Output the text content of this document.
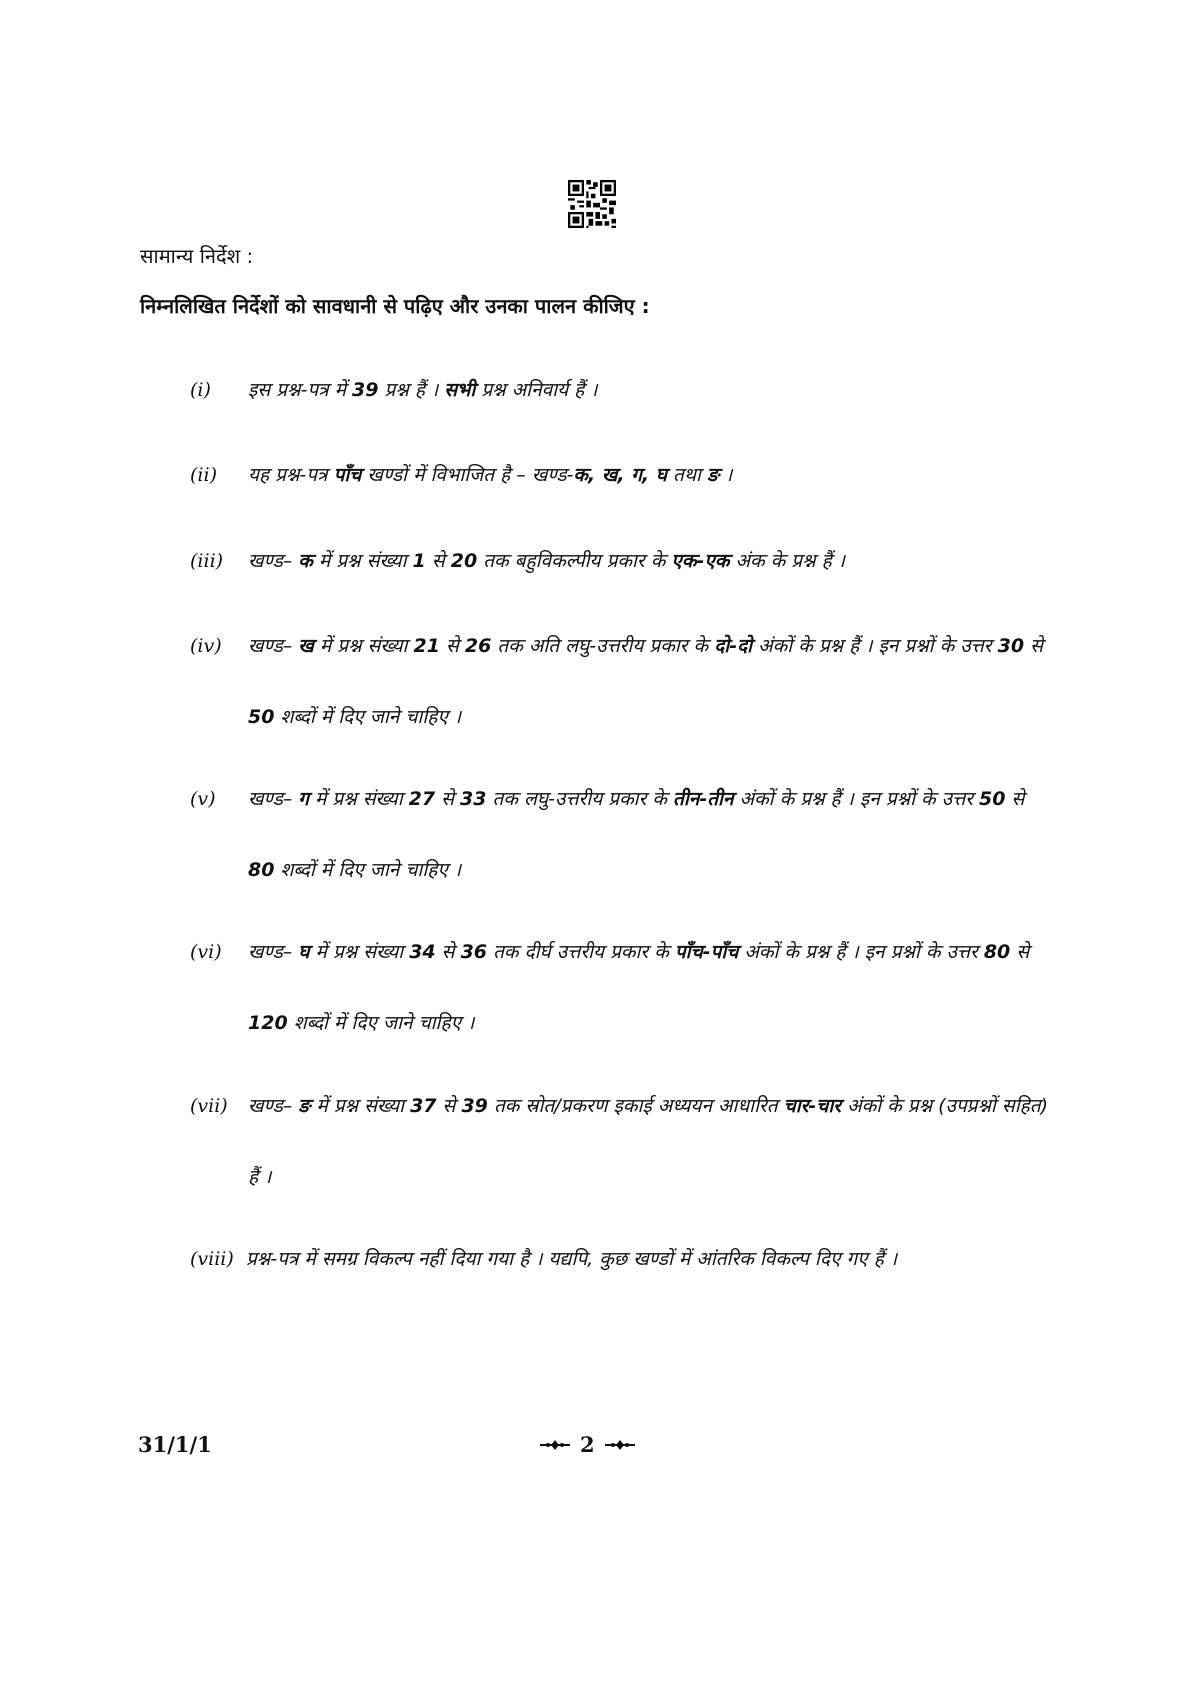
सामान्य निर्देश :
निम्नलिखित निर्देशों को सावधानी से पढ़िए और उनका पालन कीजिए :
(i) इस प्रश्न-पत्र में 39 प्रश्न हैं । सभी प्रश्न अनिवार्य हैं ।
(ii) यह प्रश्न-पत्र पाँच खण्डों में विभाजित है – खण्ड-क, ख, ग, घ तथा ङ ।
(iii) खण्ड– क में प्रश्न संख्या 1 से 20 तक बहुविकल्पीय प्रकार के एक-एक अंक के प्रश्न हैं ।
(iv) खण्ड– ख में प्रश्न संख्या 21 से 26 तक अति लघु-उत्तरीय प्रकार के दो-दो अंकों के प्रश्न हैं । इन प्रश्नों के उत्तर 30 से 50 शब्दों में दिए जाने चाहिए ।
(v) खण्ड– ग में प्रश्न संख्या 27 से 33 तक लघु-उत्तरीय प्रकार के तीन-तीन अंकों के प्रश्न हैं । इन प्रश्नों के उत्तर 50 से 80 शब्दों में दिए जाने चाहिए ।
(vi) खण्ड– घ में प्रश्न संख्या 34 से 36 तक दीर्घ उत्तरीय प्रकार के पाँच-पाँच अंकों के प्रश्न हैं । इन प्रश्नों के उत्तर 80 से 120 शब्दों में दिए जाने चाहिए ।
(vii) खण्ड– ङ में प्रश्न संख्या 37 से 39 तक स्रोत/प्रकरण इकाई अध्ययन आधारित चार-चार अंकों के प्रश्न (उपप्रश्नों सहित) हैं ।
(viii) प्रश्न-पत्र में समग्र विकल्प नहीं दिया गया है । यद्यपि, कुछ खण्डों में आंतरिक विकल्प दिए गए हैं ।
31/1/1	2
